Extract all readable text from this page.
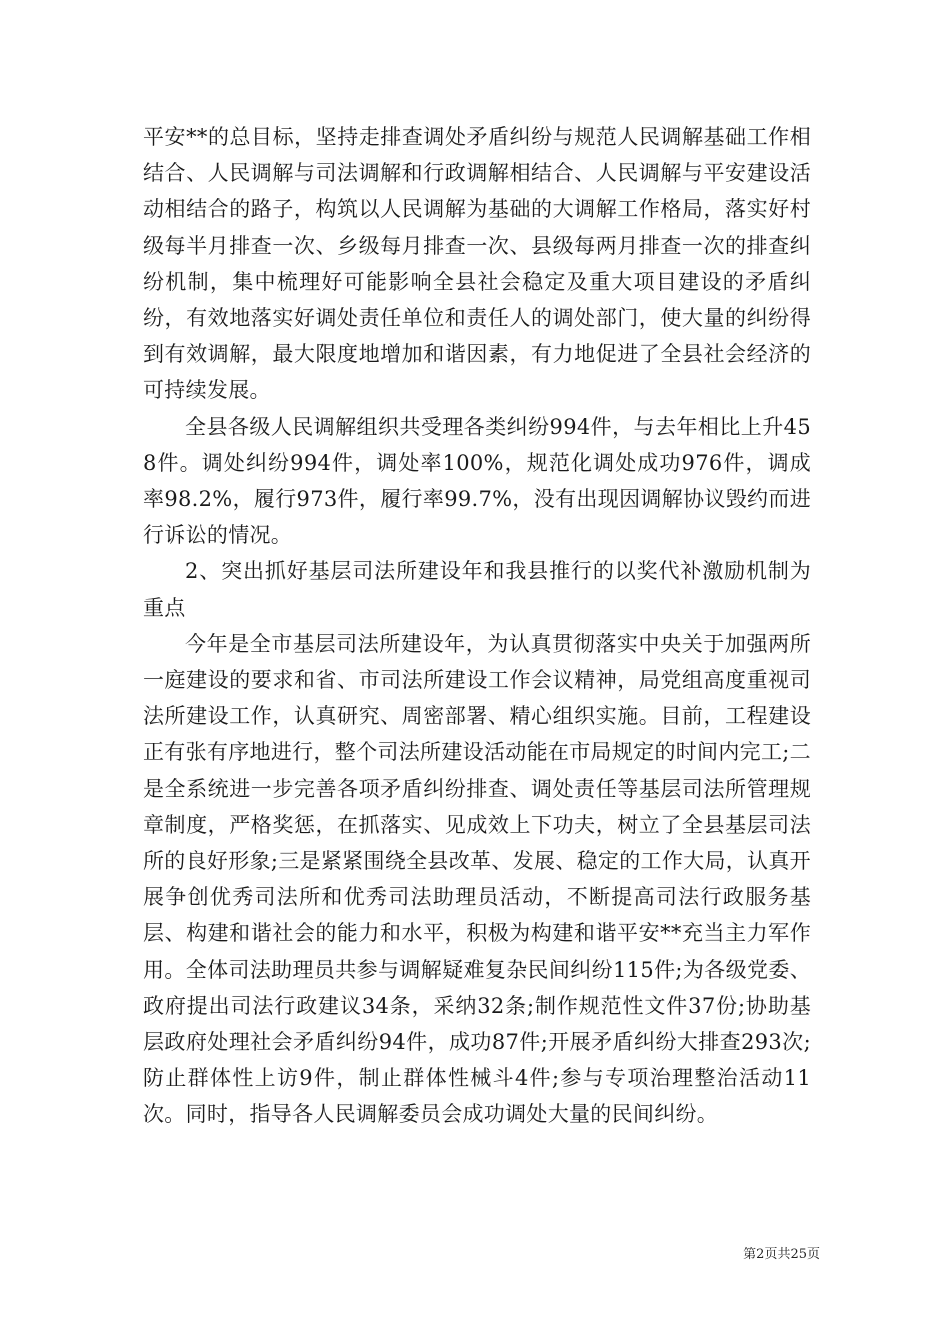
平安**的总目标，坚持走排查调处矛盾纠纷与规范人民调解基础工作相结合、人民调解与司法调解和行政调解相结合、人民调解与平安建设活动相结合的路子，构筑以人民调解为基础的大调解工作格局，落实好村级每半月排查一次、乡级每月排查一次、县级每两月排查一次的排查纠纷机制，集中梳理好可能影响全县社会稳定及重大项目建设的矛盾纠纷，有效地落实好调处责任单位和责任人的调处部门，使大量的纠纷得到有效调解，最大限度地增加和谐因素，有力地促进了全县社会经济的可持续发展。

全县各级人民调解组织共受理各类纠纷994件，与去年相比上升458件。调处纠纷994件，调处率100%，规范化调处成功976件，调成率98.2%，履行973件，履行率99.7%，没有出现因调解协议毁约而进行诉讼的情况。

2、突出抓好基层司法所建设年和我县推行的以奖代补激励机制为重点

今年是全市基层司法所建设年，为认真贯彻落实中央关于加强两所一庭建设的要求和省、市司法所建设工作会议精神，局党组高度重视司法所建设工作，认真研究、周密部署、精心组织实施。目前，工程建设正有张有序地进行，整个司法所建设活动能在市局规定的时间内完工;二是全系统进一步完善各项矛盾纠纷排查、调处责任等基层司法所管理规章制度，严格奖惩，在抓落实、见成效上下功夫，树立了全县基层司法所的良好形象;三是紧紧围绕全县改革、发展、稳定的工作大局，认真开展争创优秀司法所和优秀司法助理员活动，不断提高司法行政服务基层、构建和谐社会的能力和水平，积极为构建和谐平安**充当主力军作用。全体司法助理员共参与调解疑难复杂民间纠纷115件;为各级党委、政府提出司法行政建议34条，采纳32条;制作规范性文件37份;协助基层政府处理社会矛盾纠纷94件，成功87件;开展矛盾纠纷大排查293次;防止群体性上访9件，制止群体性械斗4件;参与专项治理整治活动11次。同时，指导各人民调解委员会成功调处大量的民间纠纷。

第2页共25页
